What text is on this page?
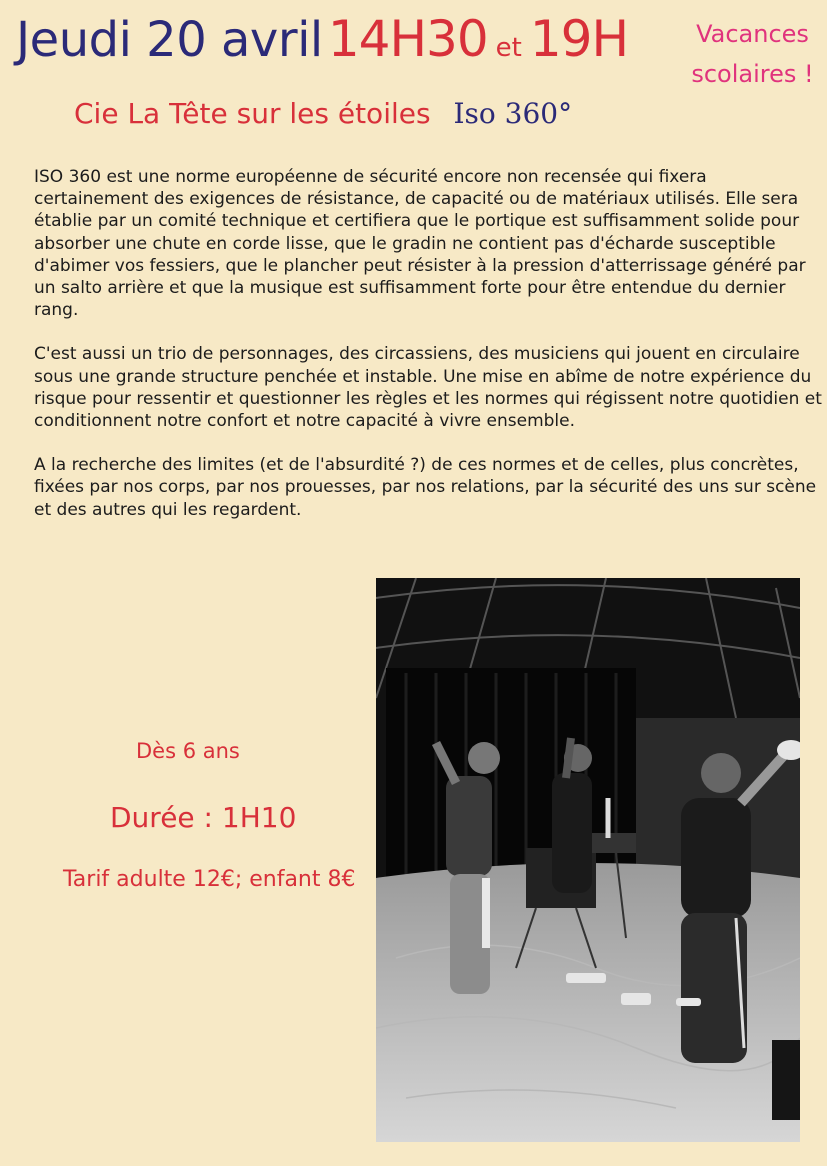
Jeudi 20 avril 14H30 et 19H	Vacances
scolaires !
Cie La Tête sur les étoiles Iso 360°

ISO 360 est une norme européenne de sécurité encore non recensée qui fixera certainement des exigences de résistance, de capacité ou de matériaux utilisés. Elle sera établie par un comité technique et certifiera que le portique est suffisamment solide pour absorber une chute en corde lisse, que le gradin ne contient pas d'écharde susceptible d'abimer vos fessiers, que le plancher peut résister à la pression d'atterrissage généré par un salto arrière et que la musique est suffisamment forte pour être entendue du dernier rang.

C'est aussi un trio de personnages, des circassiens, des musiciens qui jouent en circulaire sous une grande structure penchée et instable. Une mise en abîme de notre expérience du risque pour ressentir et questionner les règles et les normes qui régissent notre quotidien et conditionnent notre confort et notre capacité à vivre ensemble.

A la recherche des limites (et de l'absurdité ?) de ces normes et de celles, plus concrètes, fixées par nos corps, par nos prouesses, par nos relations, par la sécurité des uns sur scène et des autres qui les regardent.

Dès 6 ans
Durée : 1H10
Tarif adulte 12€; enfant 8€
